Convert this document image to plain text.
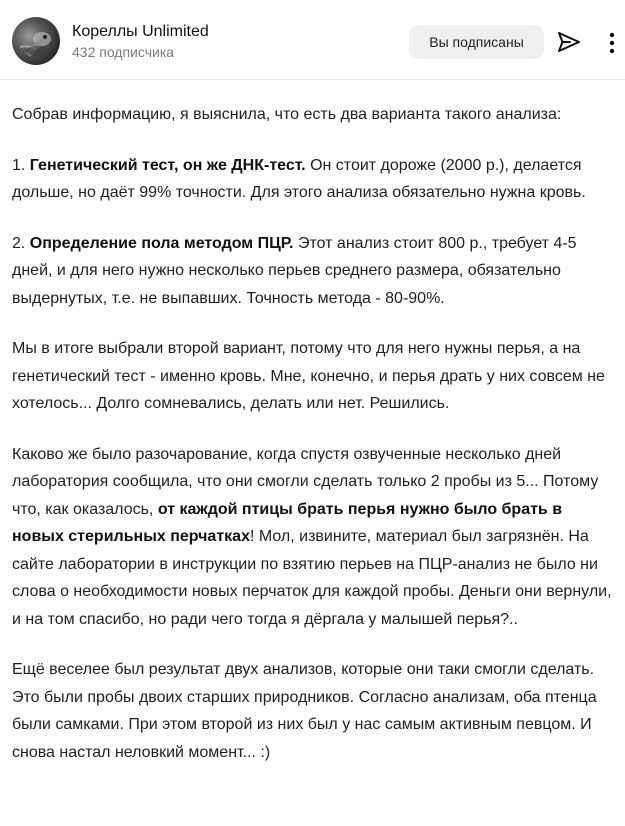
Кореллы Unlimited
432 подписчика
Вы подписаны

Собрав информацию, я выяснила, что есть два варианта такого анализа:

1. Генетический тест, он же ДНК-тест. Он стоит дороже (2000 р.), делается дольше, но даёт 99% точности. Для этого анализа обязательно нужна кровь.

2. Определение пола методом ПЦР. Этот анализ стоит 800 р., требует 4-5 дней, и для него нужно несколько перьев среднего размера, обязательно выдернутых, т.е. не выпавших. Точность метода - 80-90%.

Мы в итоге выбрали второй вариант, потому что для него нужны перья, а на генетический тест - именно кровь. Мне, конечно, и перья драть у них совсем не хотелось... Долго сомневались, делать или нет. Решились.

Каково же было разочарование, когда спустя озвученные несколько дней лаборатория сообщила, что они смогли сделать только 2 пробы из 5... Потому что, как оказалось, от каждой птицы брать перья нужно было брать в новых стерильных перчатках! Мол, извините, материал был загрязнён. На сайте лаборатории в инструкции по взятию перьев на ПЦР-анализ не было ни слова о необходимости новых перчаток для каждой пробы. Деньги они вернули, и на том спасибо, но ради чего тогда я дёргала у малышей перья?..

Ещё веселее был результат двух анализов, которые они таки смогли сделать. Это были пробы двоих старших природников. Согласно анализам, оба птенца были самками. При этом второй из них был у нас самым активным певцом. И снова настал неловкий момент... :)
